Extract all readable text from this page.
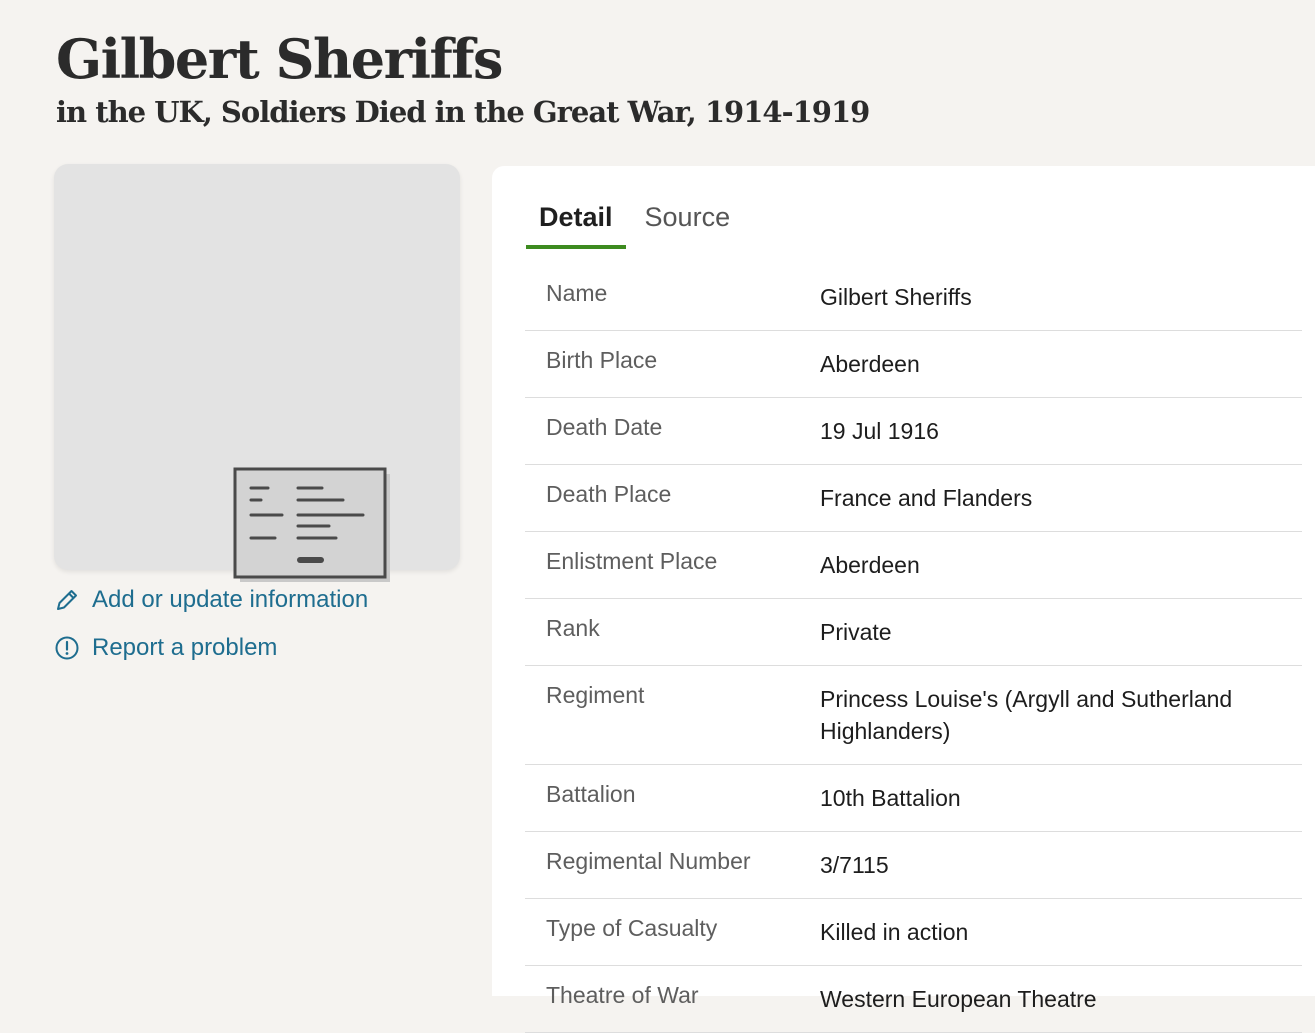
Gilbert Sheriffs
in the UK, Soldiers Died in the Great War, 1914-1919
Add or update information
Report a problem
Detail	Source
Name	Gilbert Sheriffs
Birth Place	Aberdeen
Death Date	19 Jul 1916
Death Place	France and Flanders
Enlistment Place	Aberdeen
Rank	Private
Regiment	Princess Louise's (Argyll and Sutherland Highlanders)
Battalion	10th Battalion
Regimental Number	3/7115
Type of Casualty	Killed in action
Theatre of War	Western European Theatre
